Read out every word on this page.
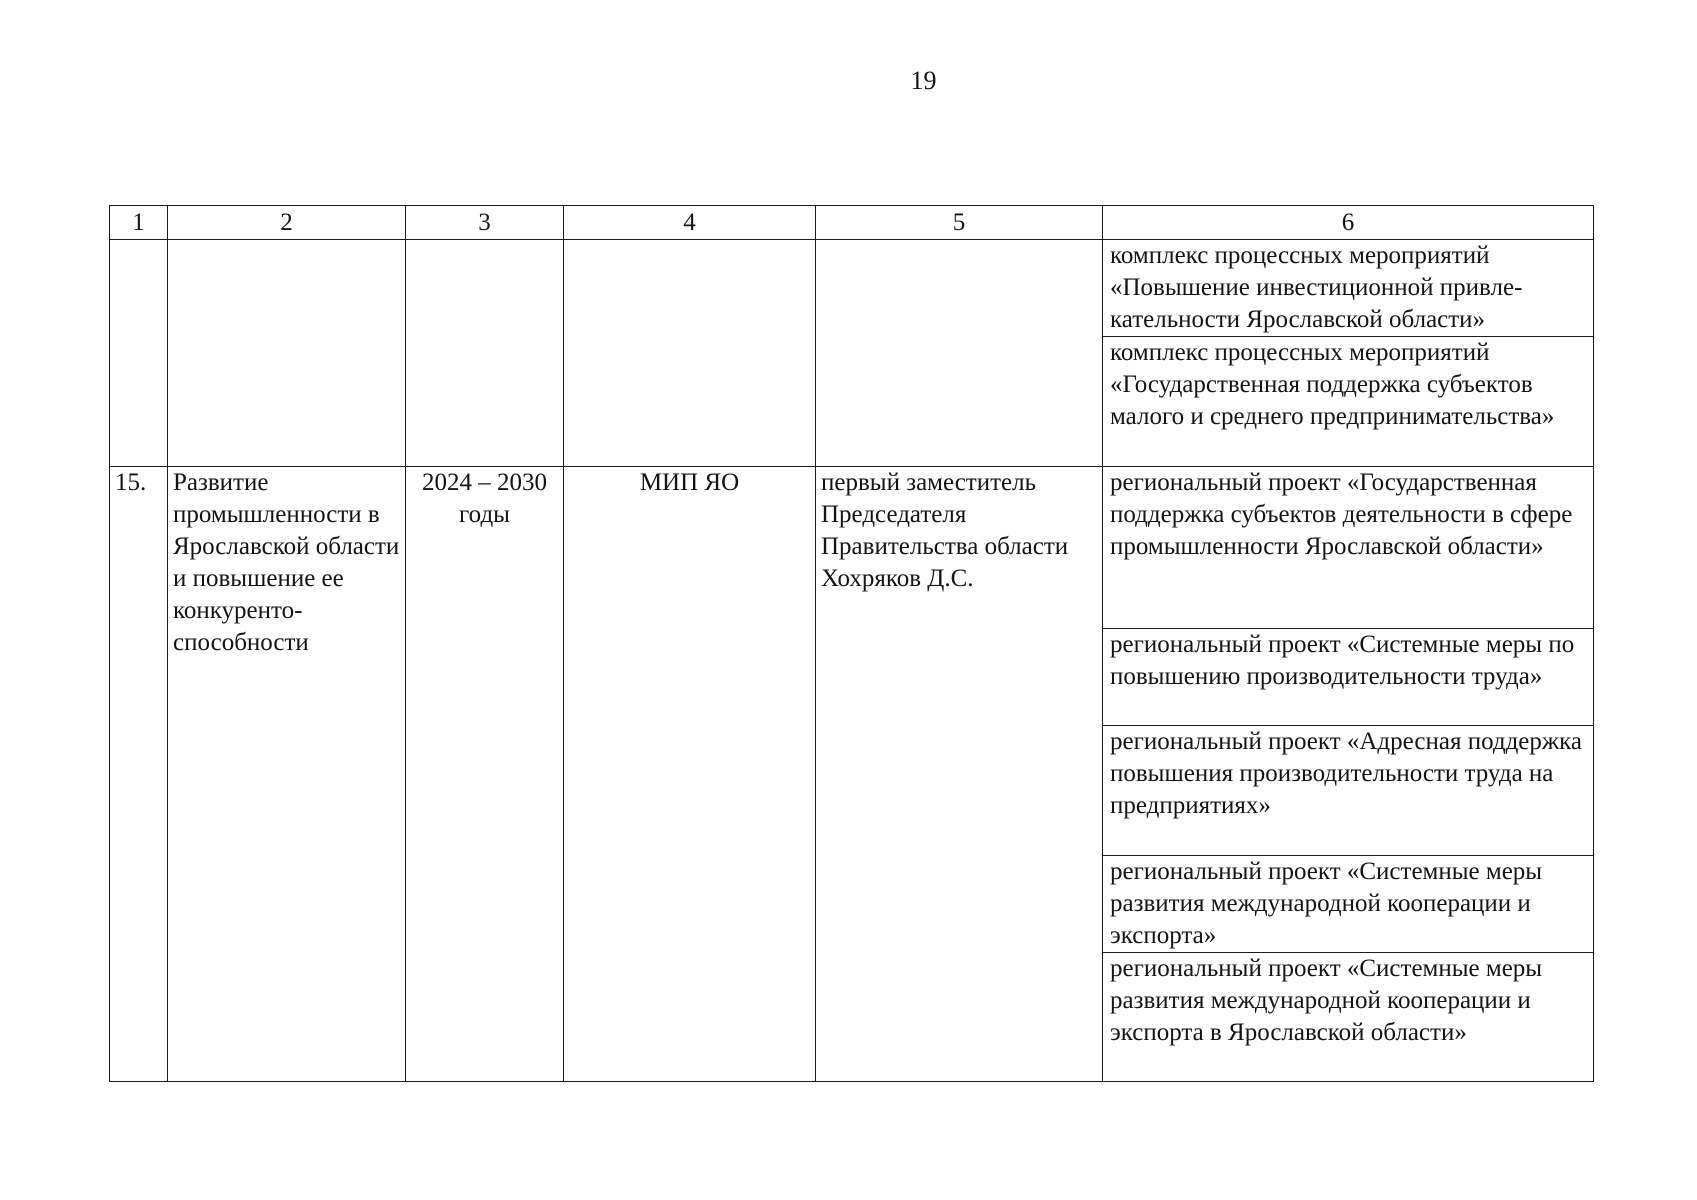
19
1	2	3	4	5	6

					комплекс процессных мероприятий «Повышение инвестиционной привле-кательности Ярославской области»

					комплекс процессных мероприятий «Государственная поддержка субъектов малого и среднего предпринимательства»

15.	Развитие промышленности в Ярославской области и повышение ее конкуренто-способности	2024 – 2030 годы	МИП ЯО	первый заместитель Председателя Правительства области Хохряков Д.С.	региональный проект «Государственная поддержка субъектов деятельности в сфере промышленности Ярославской области»

					региональный проект «Системные меры по повышению производительности труда»

					региональный проект «Адресная поддержка повышения производительности труда на предприятиях»

					региональный проект «Системные меры развития международной кооперации и экспорта»

					региональный проект «Системные меры развития международной кооперации и экспорта в Ярославской области»
